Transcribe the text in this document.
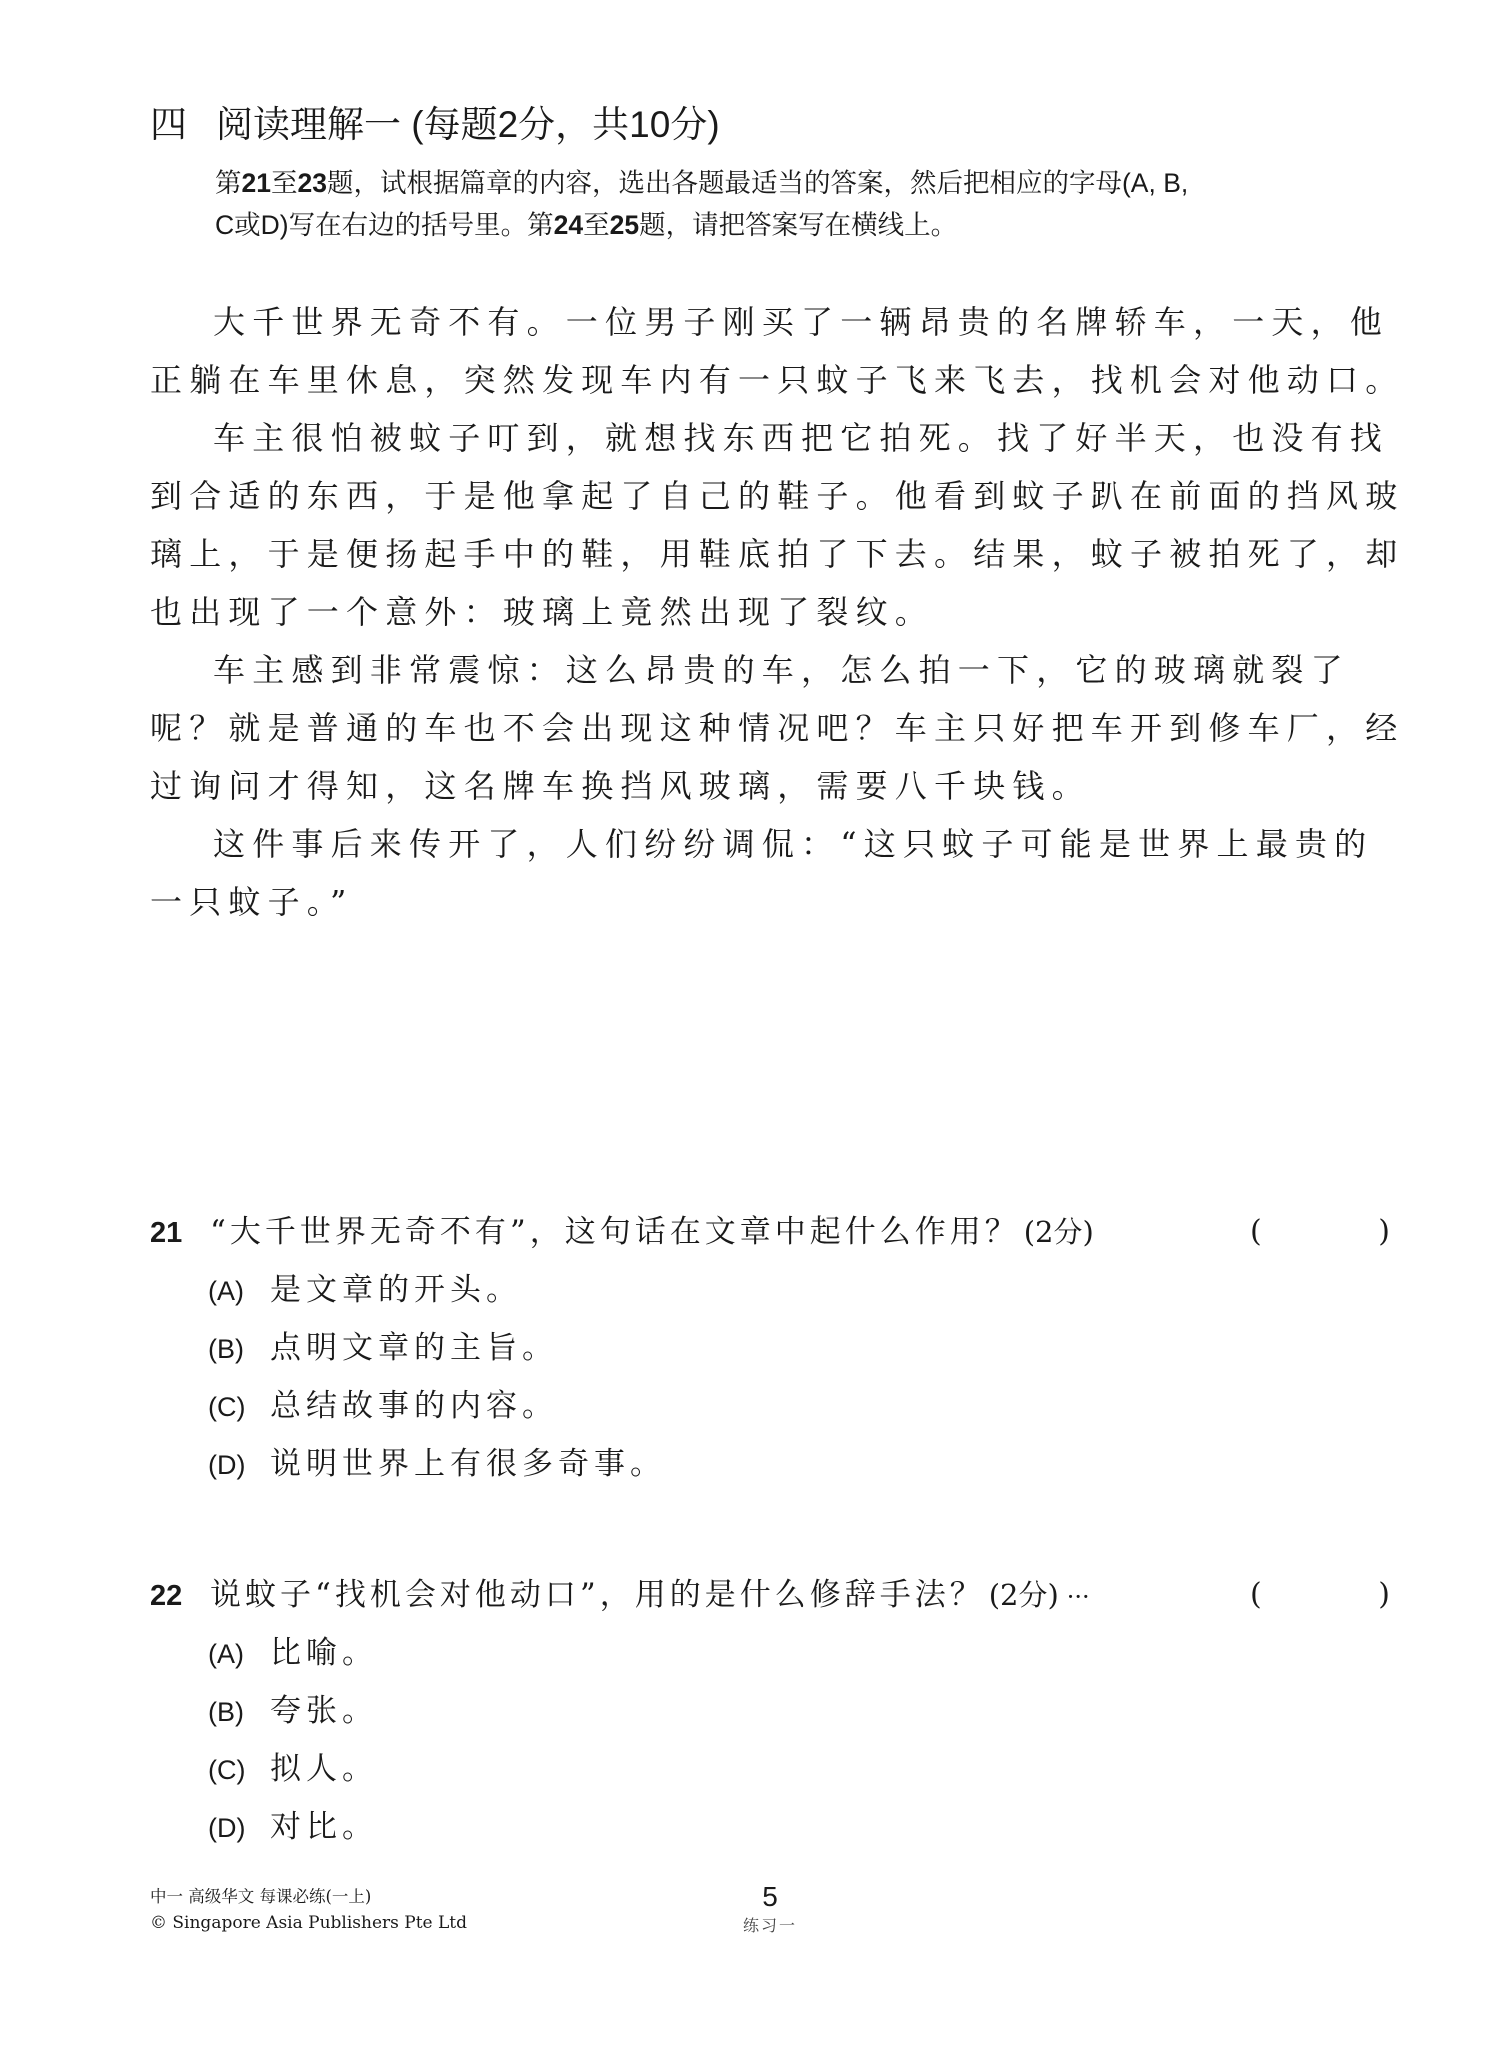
四 阅读理解一 (每题2分，共10分)
第21至23题，试根据篇章的内容，选出各题最适当的答案，然后把相应的字母(A, B,
C或D)写在右边的括号里。第24至25题，请把答案写在横线上。
大千世界无奇不有。一位男子刚买了一辆昂贵的名牌轿车，一天，他
正躺在车里休息，突然发现车内有一只蚊子飞来飞去，找机会对他动口。
车主很怕被蚊子叮到，就想找东西把它拍死。找了好半天，也没有找
到合适的东西，于是他拿起了自己的鞋子。他看到蚊子趴在前面的挡风玻
璃上，于是便扬起手中的鞋，用鞋底拍了下去。结果，蚊子被拍死了，却
也出现了一个意外：玻璃上竟然出现了裂纹。
车主感到非常震惊：这么昂贵的车，怎么拍一下，它的玻璃就裂了
呢？就是普通的车也不会出现这种情况吧？车主只好把车开到修车厂，经
过询问才得知，这名牌车换挡风玻璃，需要八千块钱。
这件事后来传开了，人们纷纷调侃：“这只蚊子可能是世界上最贵的
一只蚊子。”
21 “大千世界无奇不有”，这句话在文章中起什么作用？ (2分)	(	)
(A) 是文章的开头。
(B) 点明文章的主旨。
(C) 总结故事的内容。
(D) 说明世界上有很多奇事。
22 说蚊子“找机会对他动口”，用的是什么修辞手法？ (2分) ···	(	)
(A) 比喻。
(B) 夸张。
(C) 拟人。
(D) 对比。
中一 高级华文 每课必练(一上)
© Singapore Asia Publishers Pte Ltd
5
练习一
